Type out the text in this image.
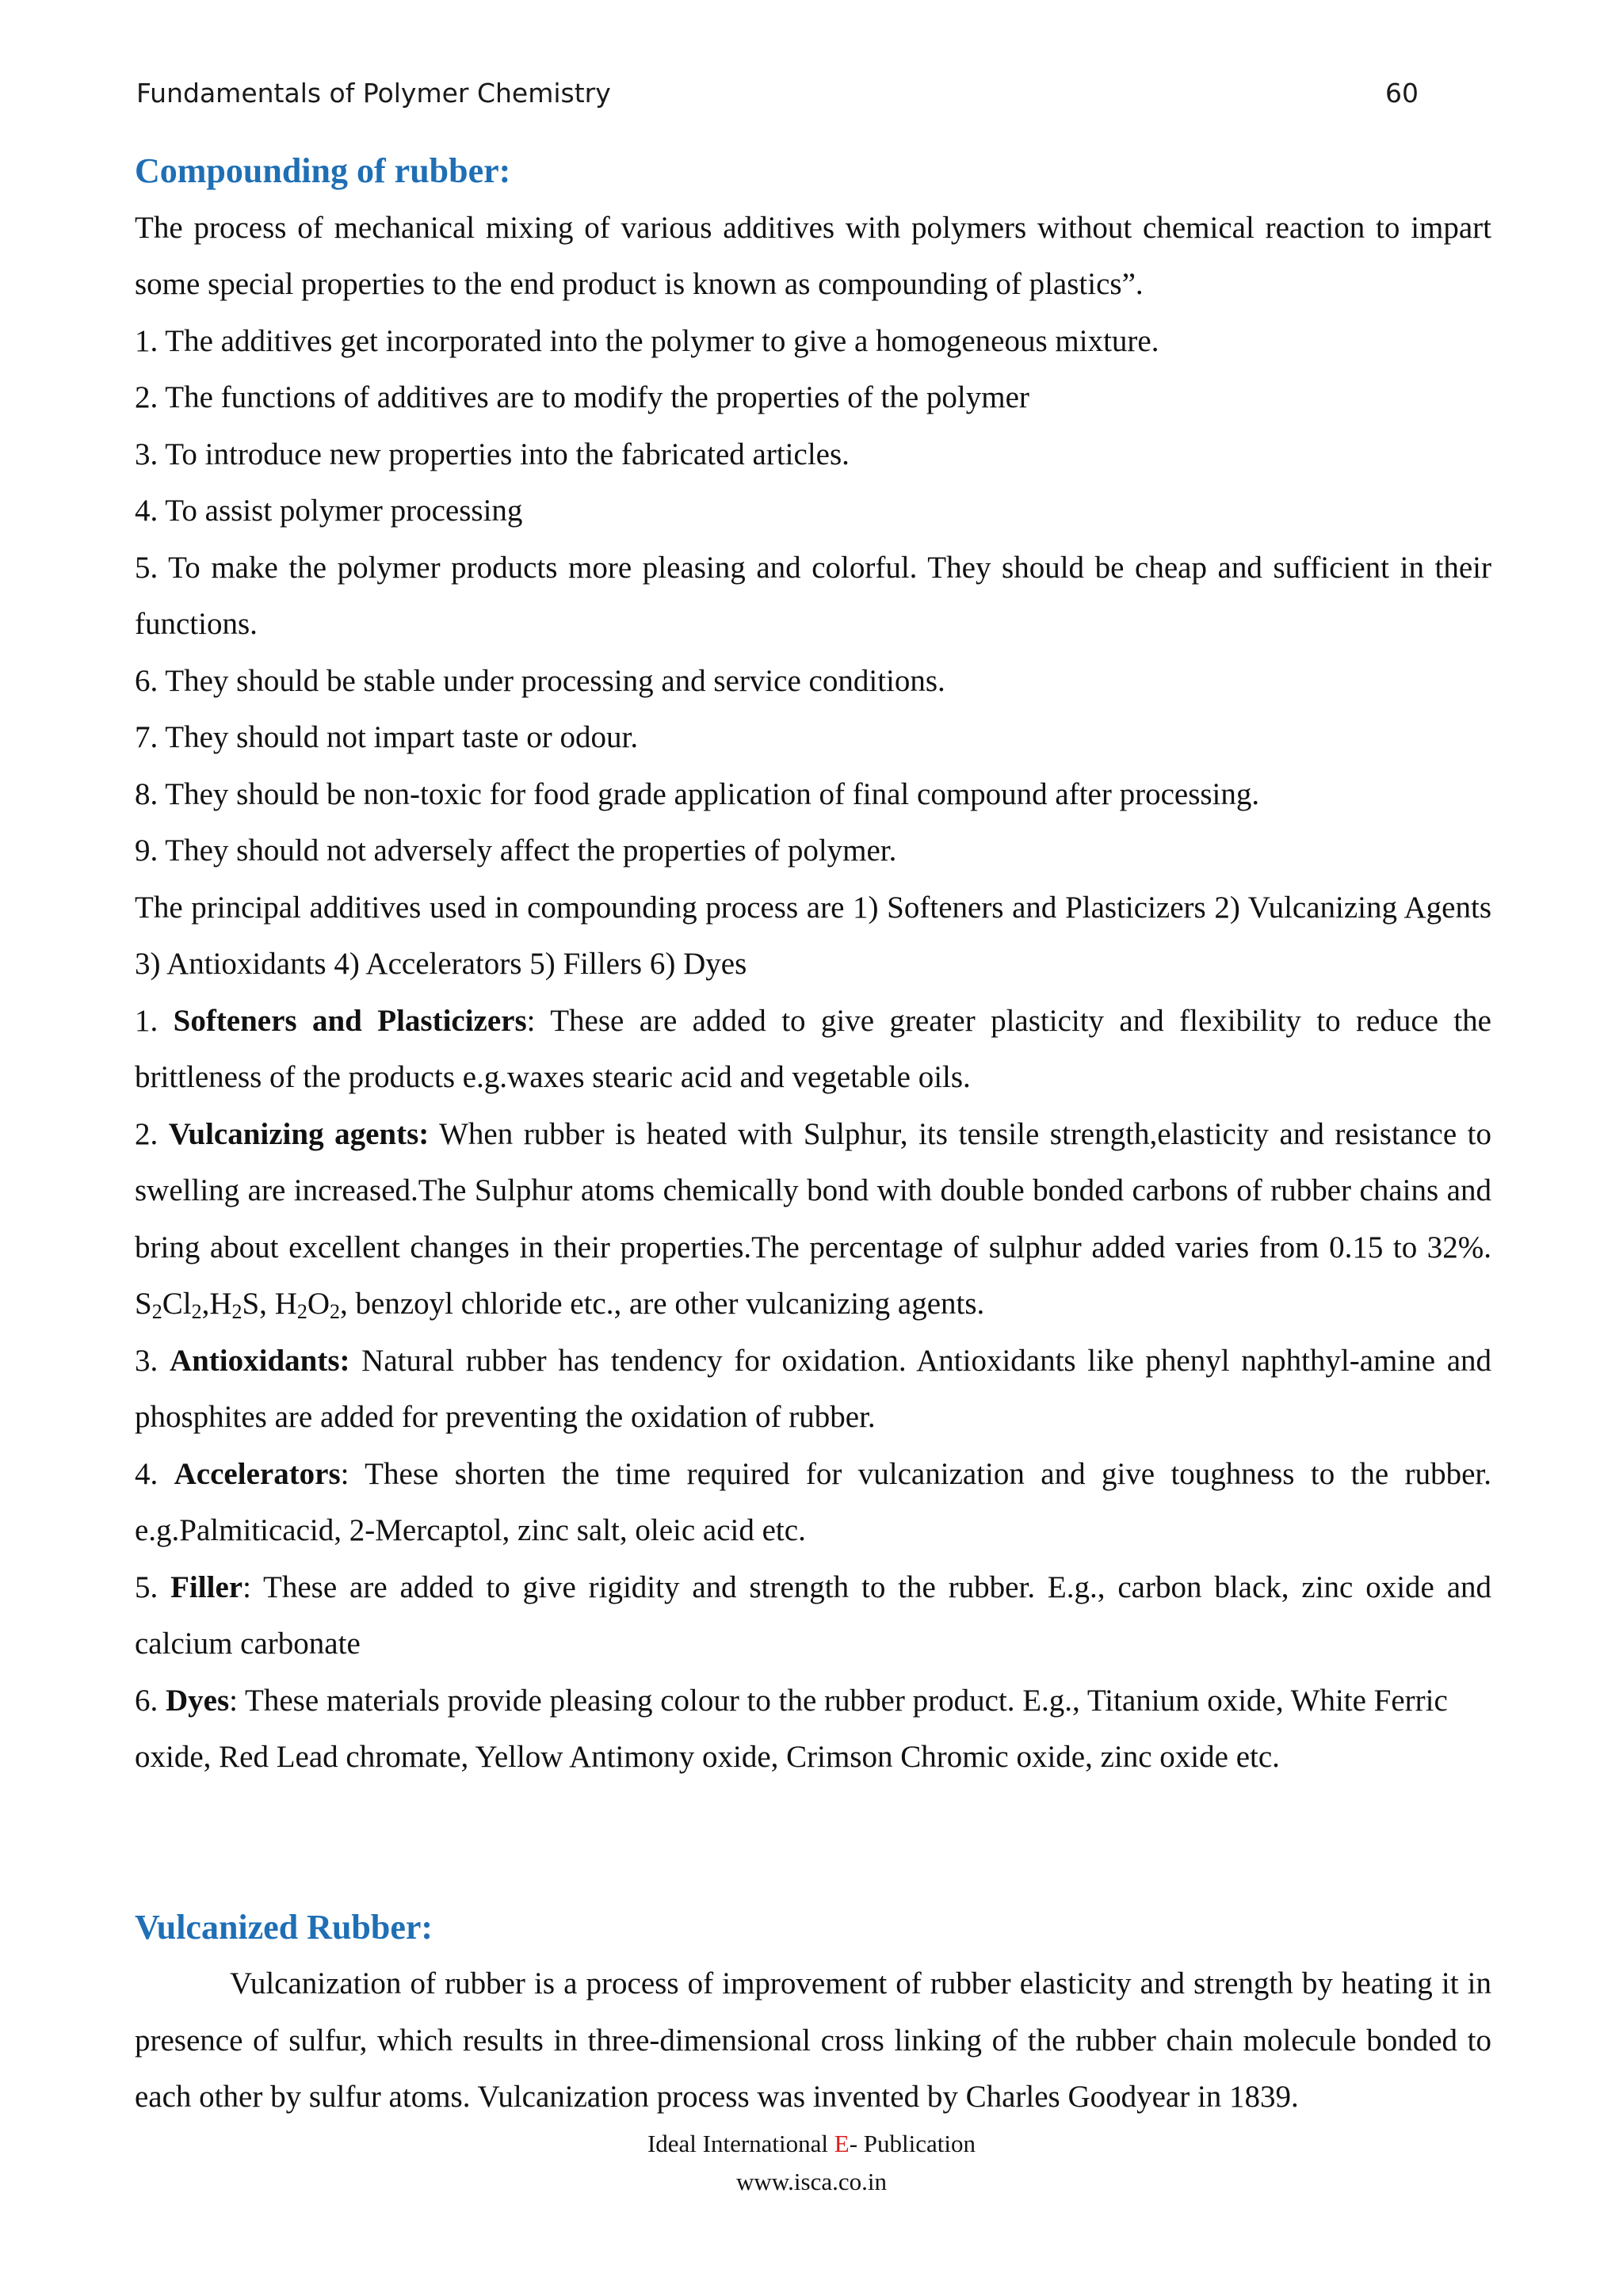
Fundamentals of Polymer Chemistry	60
Compounding of rubber:

The process of mechanical mixing of various additives with polymers without chemical reaction to impart some special properties to the end product is known as compounding of plastics”.

1. The additives get incorporated into the polymer to give a homogeneous mixture.

2. The functions of additives are to modify the properties of the polymer

3. To introduce new properties into the fabricated articles.

4. To assist polymer processing

5. To make the polymer products more pleasing and colorful. They should be cheap and sufficient in their functions.

6. They should be stable under processing and service conditions.

7. They should not impart taste or odour.

8. They should be non-toxic for food grade application of final compound after processing.

9. They should not adversely affect the properties of polymer.

The principal additives used in compounding process are 1) Softeners and Plasticizers 2) Vulcanizing Agents 3) Antioxidants 4) Accelerators 5) Fillers 6) Dyes

1. Softeners and Plasticizers: These are added to give greater plasticity and flexibility to reduce the brittleness of the products e.g.waxes stearic acid and vegetable oils.

2. Vulcanizing agents: When rubber is heated with Sulphur, its tensile strength,elasticity and resistance to swelling are increased.The Sulphur atoms chemically bond with double bonded carbons of rubber chains and bring about excellent changes in their properties.The percentage of sulphur added varies from 0.15 to 32%. $S_2Cl_2,H_2S$, $H_2O_2$, benzoyl chloride etc., are other vulcanizing agents.

3. Antioxidants: Natural rubber has tendency for oxidation. Antioxidants like phenyl naphthyl-amine and phosphites are added for preventing the oxidation of rubber.

4. Accelerators: These shorten the time required for vulcanization and give toughness to the rubber. e.g.Palmiticacid, 2-Mercaptol, zinc salt, oleic acid etc.

5. Filler: These are added to give rigidity and strength to the rubber. E.g., carbon black, zinc oxide and calcium carbonate

6. Dyes: These materials provide pleasing colour to the rubber product. E.g., Titanium oxide, White Ferric oxide, Red Lead chromate, Yellow Antimony oxide, Crimson Chromic oxide, zinc oxide etc.

Vulcanized Rubber:

Vulcanization of rubber is a process of improvement of rubber elasticity and strength by heating it in presence of sulfur, which results in three-dimensional cross linking of the rubber chain molecule bonded to each other by sulfur atoms. Vulcanization process was invented by Charles Goodyear in 1839.

Ideal International E- Publication
www.isca.co.in
